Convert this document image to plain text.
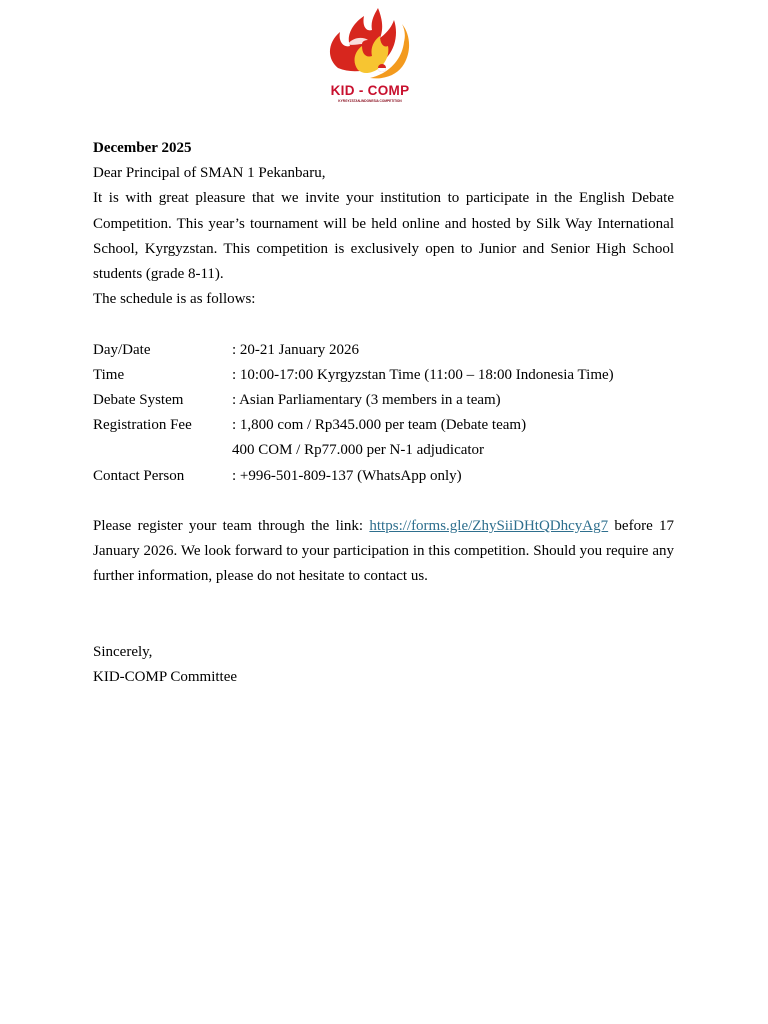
KID - COMP
KYRGYZSTAN-INDONESIA COMPETITION

December 2025

Dear Principal of SMAN 1 Pekanbaru,

It is with great pleasure that we invite your institution to participate in the English Debate Competition. This year’s tournament will be held online and hosted by Silk Way International School, Kyrgyzstan. This competition is exclusively open to Junior and Senior High School students (grade 8-11).

The schedule is as follows:

Day/Date	: 20-21 January 2026
Time	: 10:00-17:00 Kyrgyzstan Time (11:00 – 18:00 Indonesia Time)
Debate System	: Asian Parliamentary (3 members in a team)
Registration Fee	: 1,800 com / Rp345.000 per team (Debate team)
400 COM / Rp77.000 per N-1 adjudicator
Contact Person	: +996-501-809-137 (WhatsApp only)

Please register your team through the link: https://forms.gle/ZhySiiDHtQDhcyAg7 before 17 January 2026. We look forward to your participation in this competition. Should you require any further information, please do not hesitate to contact us.

Sincerely,

KID-COMP Committee
